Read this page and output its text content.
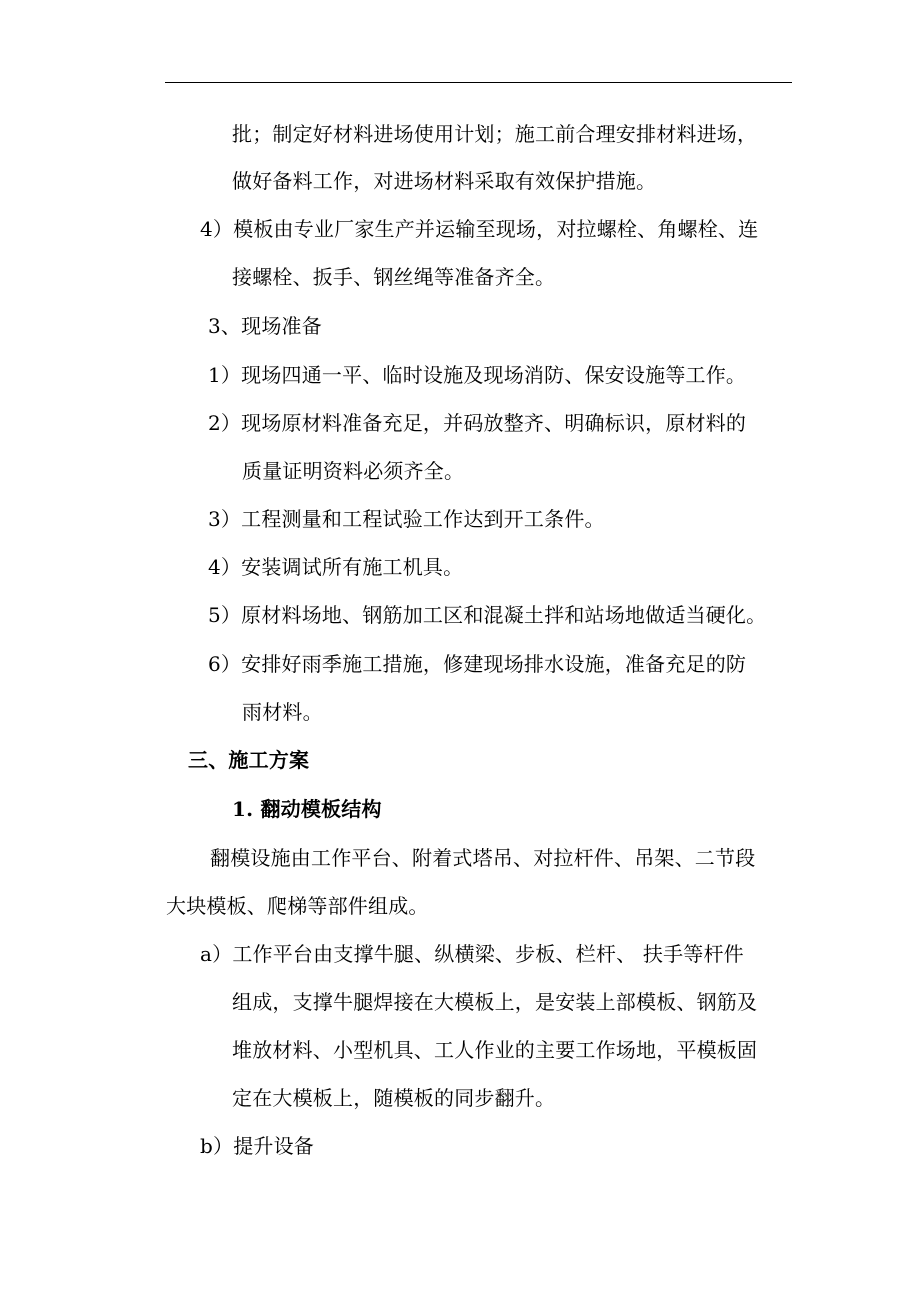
批；制定好材料进场使用计划；施工前合理安排材料进场，
做好备料工作，对进场材料采取有效保护措施。
4）模板由专业厂家生产并运输至现场，对拉螺栓、角螺栓、连
接螺栓、扳手、钢丝绳等准备齐全。
3、现场准备
1）现场四通一平、临时设施及现场消防、保安设施等工作。
2）现场原材料准备充足，并码放整齐、明确标识，原材料的
质量证明资料必须齐全。
3）工程测量和工程试验工作达到开工条件。
4）安装调试所有施工机具。
5）原材料场地、钢筋加工区和混凝土拌和站场地做适当硬化。
6）安排好雨季施工措施，修建现场排水设施，准备充足的防
雨材料。
三、施工方案
1. 翻动模板结构
翻模设施由工作平台、附着式塔吊、对拉杆件、吊架、二节段
大块模板、爬梯等部件组成。
a）工作平台由支撑牛腿、纵横梁、步板、栏杆、 扶手等杆件
组成，支撑牛腿焊接在大模板上，是安装上部模板、钢筋及
堆放材料、小型机具、工人作业的主要工作场地，平模板固
定在大模板上，随模板的同步翻升。
b）提升设备
